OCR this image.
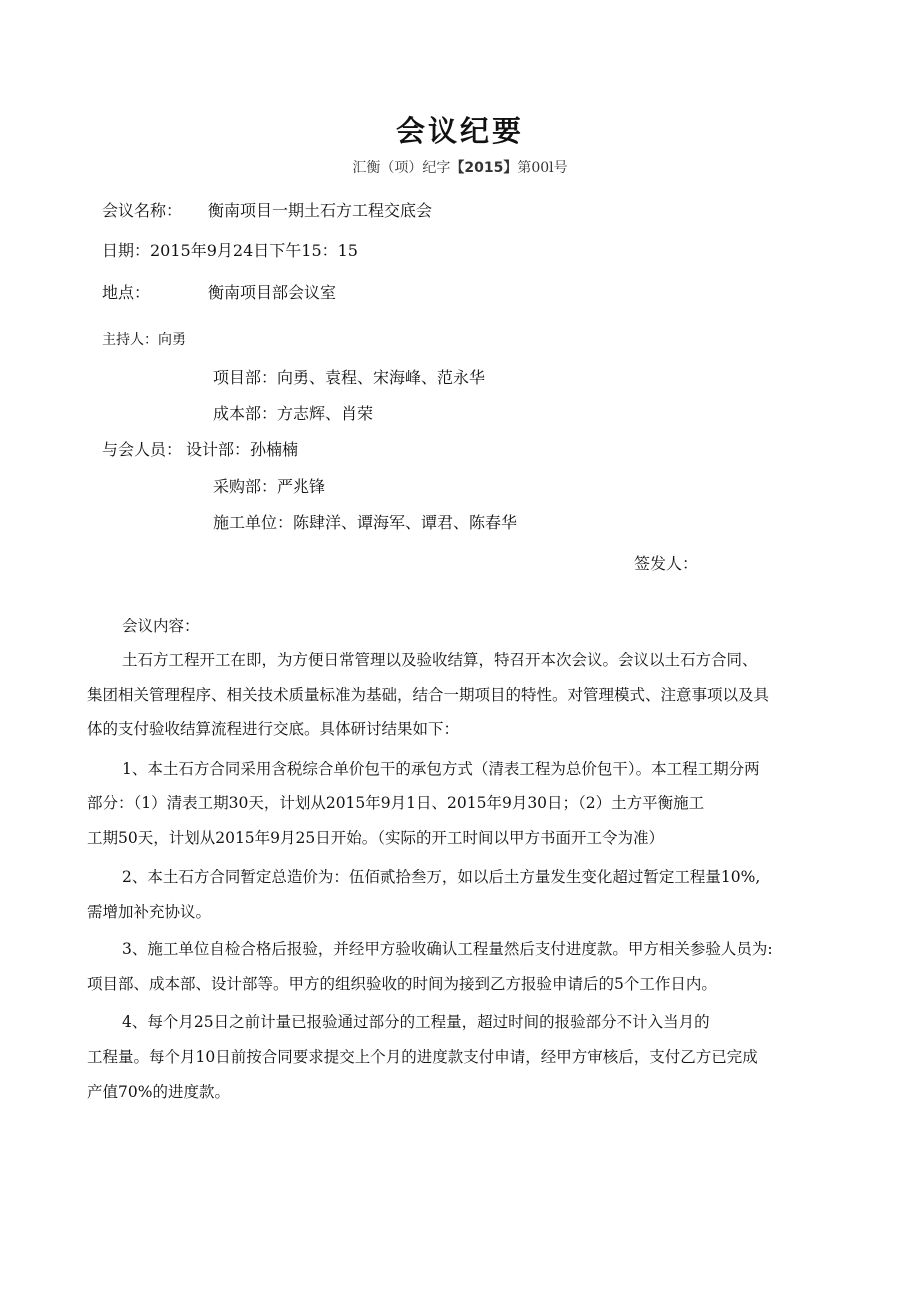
会议纪要
汇衡（项）纪字【2015】第00l号
会议名称： 衡南项目一期土石方工程交底会
日期：2015年9月24日下午15：15
地点：	衡南项目部会议室
主持人：向勇
项目部：向勇、袁程、宋海峰、范永华
成本部：方志辉、肖荣
与会人员： 设计部：孙楠楠
采购部：严兆锋
施工单位：陈肆洋、谭海军、谭君、陈春华
签发人：
会议内容：
土石方工程开工在即，为方便日常管理以及验收结算，特召开本次会议。会议以土石方合同、
集团相关管理程序、相关技术质量标准为基础，结合一期项目的特性。对管理模式、注意事项以及具
体的支付验收结算流程进行交底。具体研讨结果如下：
1、本土石方合同采用含税综合单价包干的承包方式（清表工程为总价包干）。本工程工期分两
部分：（1）清表工期30天，计划从2015年9月1日、2015年9月30日；（2）土方平衡施工
工期50天，计划从2015年9月25日开始。（实际的开工时间以甲方书面开工令为准）
2、本土石方合同暂定总造价为：伍佰贰拾叁万，如以后土方量发生变化超过暂定工程量10%,
需增加补充协议。
3、施工单位自检合格后报验，并经甲方验收确认工程量然后支付进度款。甲方相关参验人员为:
项目部、成本部、设计部等。甲方的组织验收的时间为接到乙方报验申请后的5个工作日内。
4、每个月25日之前计量已报验通过部分的工程量，超过时间的报验部分不计入当月的
工程量。每个月10日前按合同要求提交上个月的进度款支付申请，经甲方审核后，支付乙方已完成
产值70%的进度款。
